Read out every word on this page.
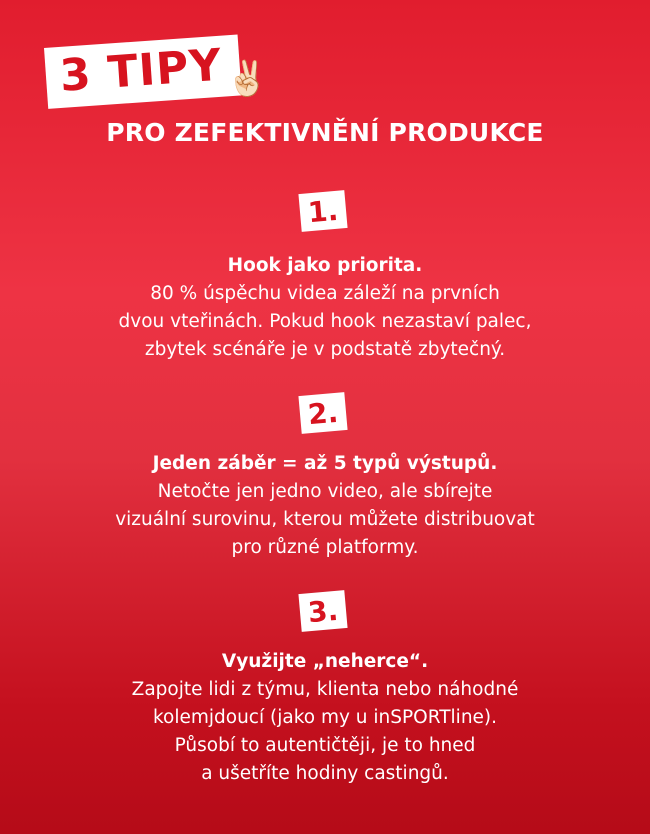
3 TIPY ✌🏻
PRO ZEFEKTIVNĚNÍ PRODUKCE
1.
Hook jako priorita.
80 % úspěchu videa záleží na prvních
dvou vteřinách. Pokud hook nezastaví palec,
zbytek scénáře je v podstatě zbytečný.
2.
Jeden záběr = až 5 typů výstupů.
Netočte jen jedno video, ale sbírejte
vizuální surovinu, kterou můžete distribuovat
pro různé platformy.
3.
Využijte „neherce“.
Zapojte lidi z týmu, klienta nebo náhodné
kolemjdoucí (jako my u inSPORTline).
Působí to autentičtěji, je to hned
a ušetříte hodiny castingů.
